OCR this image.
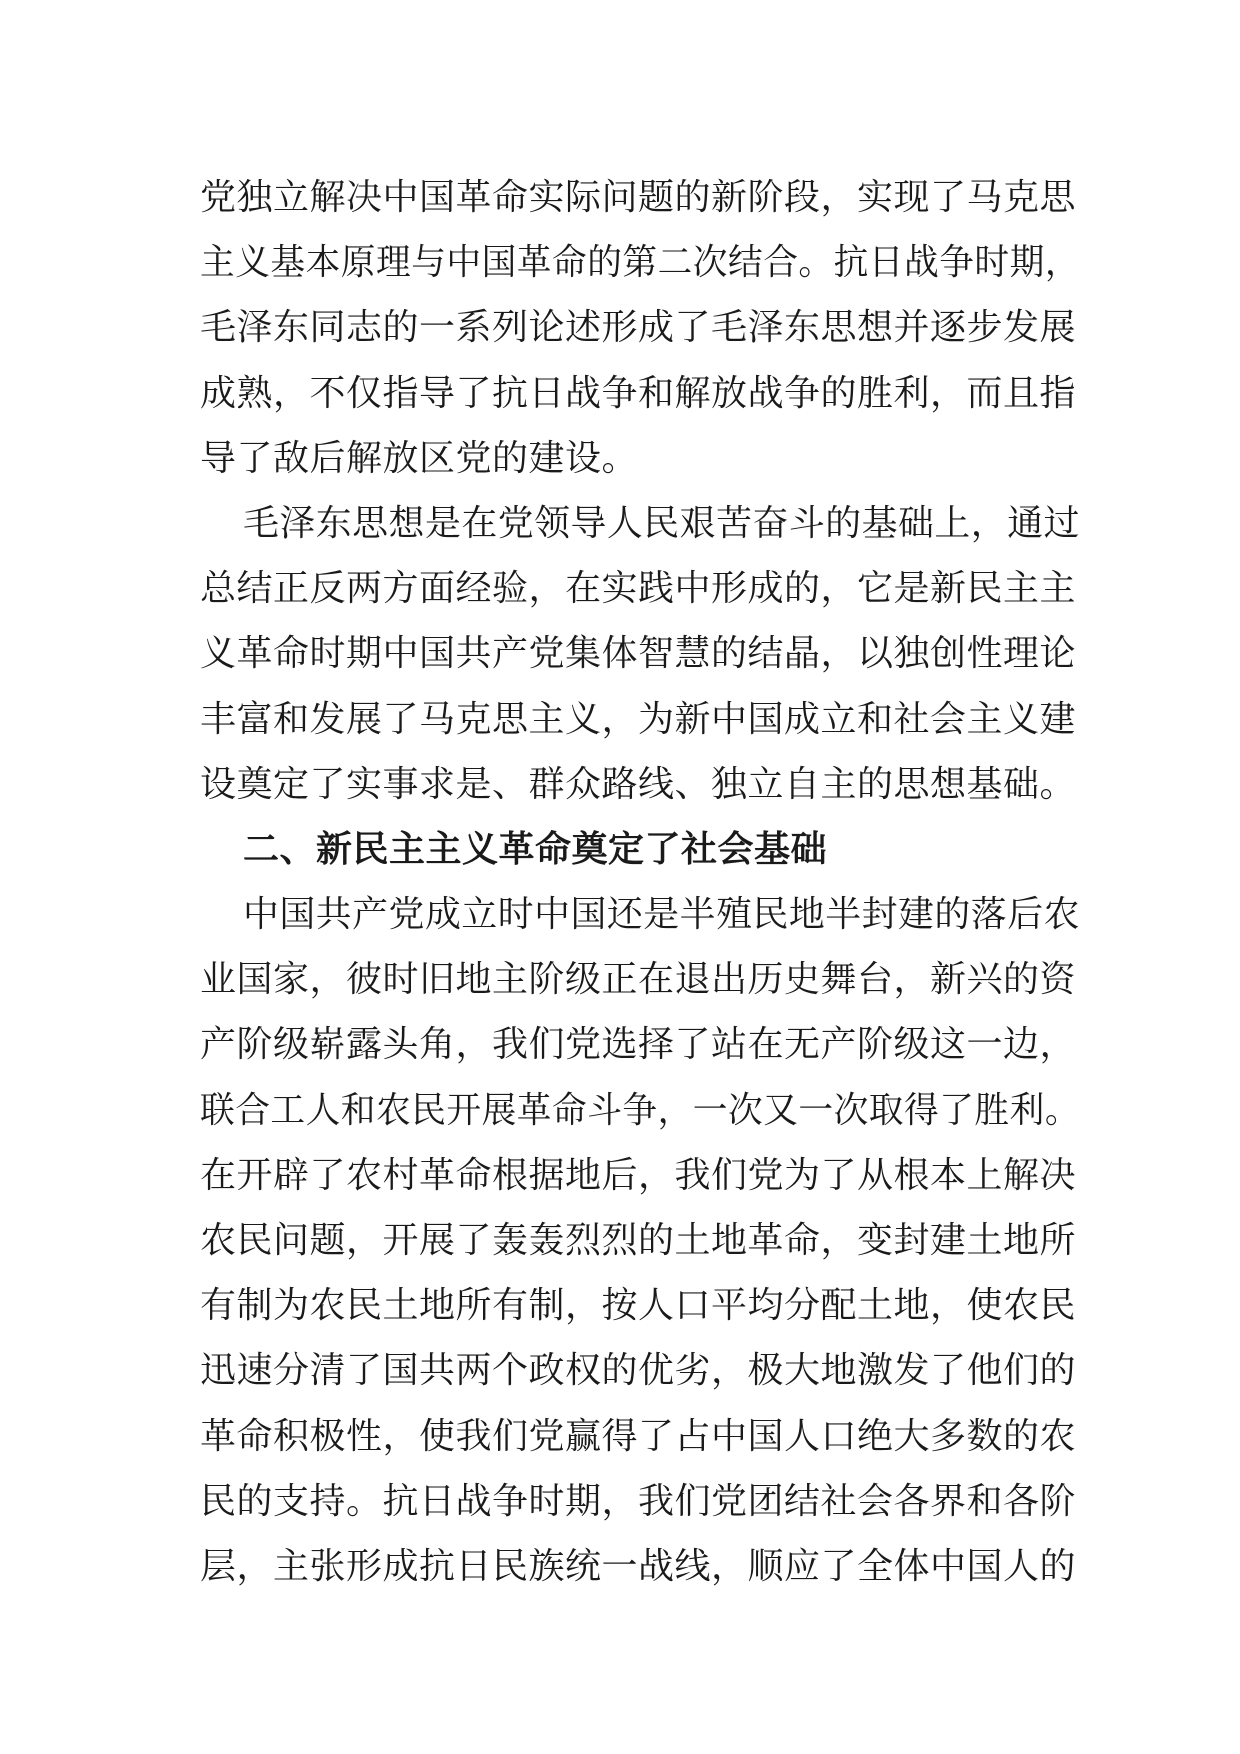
党独立解决中国革命实际问题的新阶段，实现了马克思
主义基本原理与中国革命的第二次结合。抗日战争时期，
毛泽东同志的一系列论述形成了毛泽东思想并逐步发展
成熟，不仅指导了抗日战争和解放战争的胜利，而且指
导了敌后解放区党的建设。
毛泽东思想是在党领导人民艰苦奋斗的基础上，通过
总结正反两方面经验，在实践中形成的，它是新民主主
义革命时期中国共产党集体智慧的结晶，以独创性理论
丰富和发展了马克思主义，为新中国成立和社会主义建
设奠定了实事求是、群众路线、独立自主的思想基础。
二、新民主主义革命奠定了社会基础
中国共产党成立时中国还是半殖民地半封建的落后农
业国家，彼时旧地主阶级正在退出历史舞台，新兴的资
产阶级崭露头角，我们党选择了站在无产阶级这一边，
联合工人和农民开展革命斗争，一次又一次取得了胜利。
在开辟了农村革命根据地后，我们党为了从根本上解决
农民问题，开展了轰轰烈烈的土地革命，变封建土地所
有制为农民土地所有制，按人口平均分配土地，使农民
迅速分清了国共两个政权的优劣，极大地激发了他们的
革命积极性，使我们党赢得了占中国人口绝大多数的农
民的支持。抗日战争时期，我们党团结社会各界和各阶
层，主张形成抗日民族统一战线，顺应了全体中国人的
